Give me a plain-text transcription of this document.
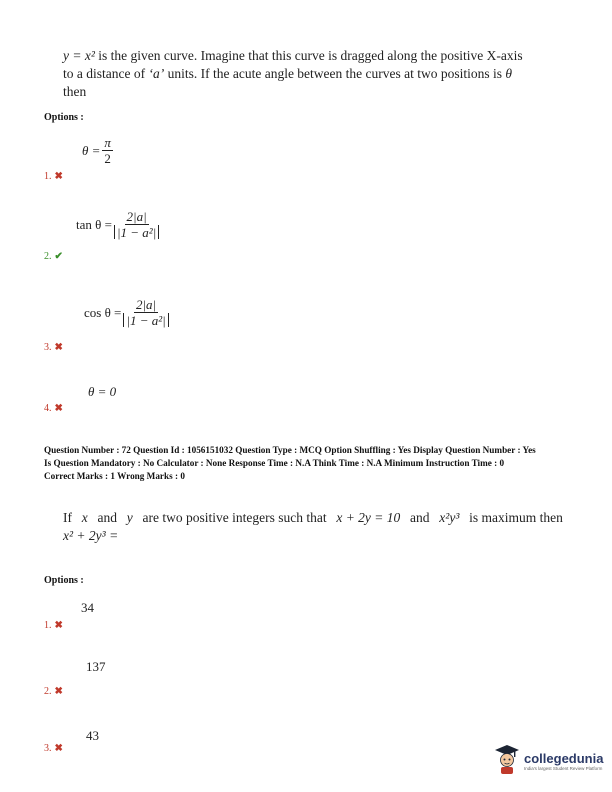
y = x² is the given curve. Imagine that this curve is dragged along the positive X-axis
to a distance of ‘a’ units. If the acute angle between the curves at two positions is θ
then
Options :
$\theta = \frac{\pi}{2}$
1. ✖
$\tan \theta = \frac{2|a|}{\text{|1 − a²|}}$
2. ✔
$\cos \theta = \frac{2|a|}{\text{|1 − a²|}}$
3. ✖
θ = 0
4. ✖
Question Number : 72 Question Id : 1056151032 Question Type : MCQ Option Shuffling : Yes Display Question Number : Yes
Is Question Mandatory : No Calculator : None Response Time : N.A Think Time : N.A Minimum Instruction Time : 0
Correct Marks : 1 Wrong Marks : 0
If x and y are two positive integers such that x + 2y = 10 and x²y³ is maximum then
x² + 2y³ =
Options :
34
1. ✖
137
2. ✖
43
3. ✖
collegedunia
India's largest Student Review Platform
